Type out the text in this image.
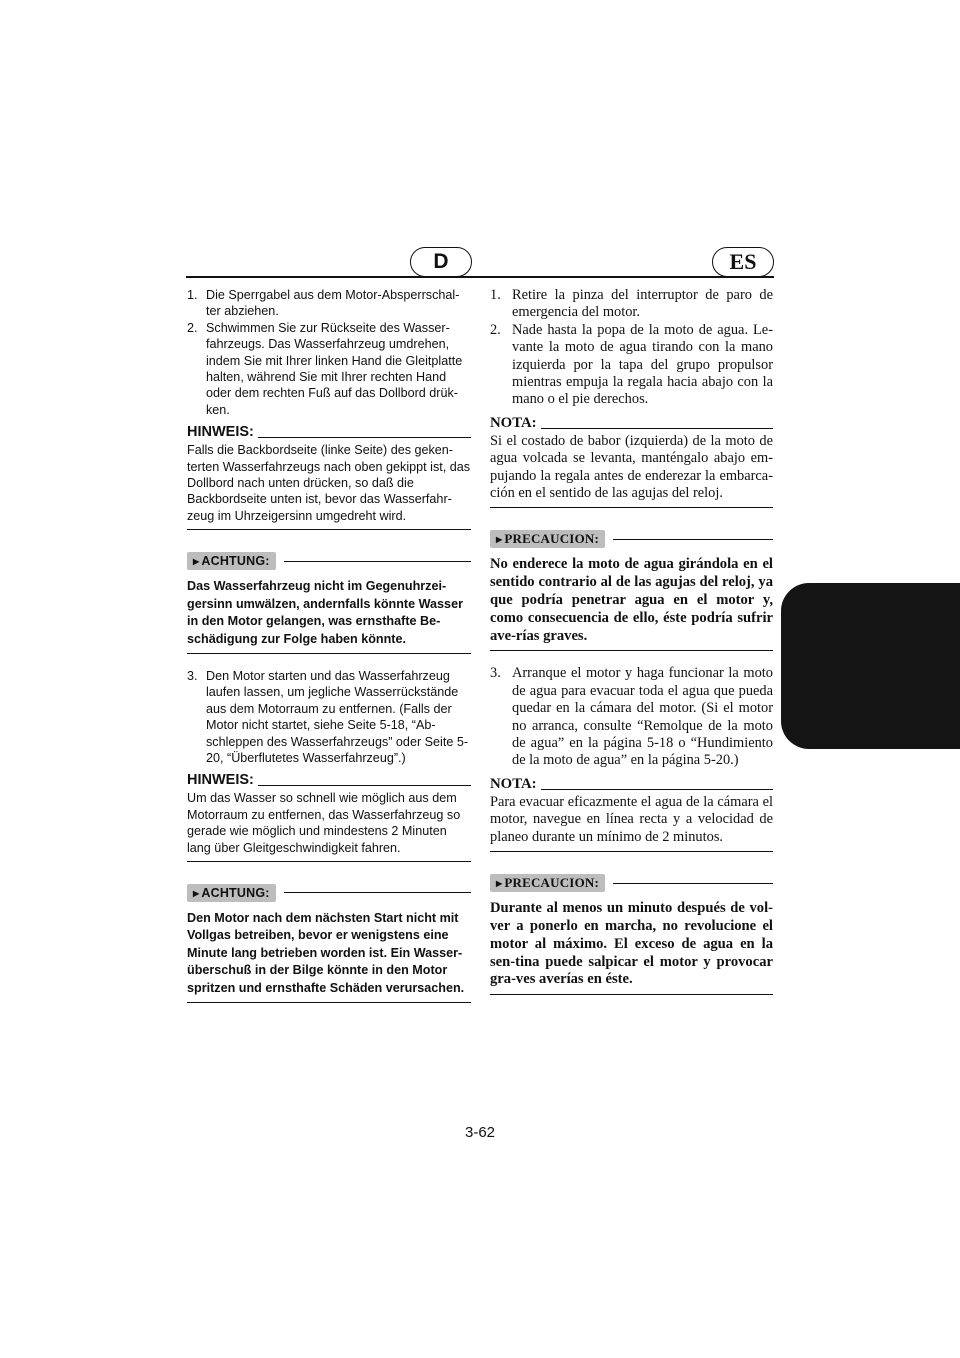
D	ES
1. Die Sperrgabel aus dem Motor-Absperrschal-ter abziehen.
2. Schwimmen Sie zur Rückseite des Wasser-fahrzeugs. Das Wasserfahrzeug umdrehen, indem Sie mit Ihrer linken Hand die Gleitplatte halten, während Sie mit Ihrer rechten Hand oder dem rechten Fuß auf das Dollbord drük-ken.
HINWEIS:
Falls die Backbordseite (linke Seite) des geken-terten Wasserfahrzeugs nach oben gekippt ist, das Dollbord nach unten drücken, so daß die Backbordseite unten ist, bevor das Wasserfahr-zeug im Uhrzeigersinn umgedreht wird.
▶ ACHTUNG:
Das Wasserfahrzeug nicht im Gegenuhrzei-gersinn umwälzen, andernfalls könnte Wasser in den Motor gelangen, was ernsthafte Be-schädigung zur Folge haben könnte.
3. Den Motor starten und das Wasserfahrzeug laufen lassen, um jegliche Wasserrückstände aus dem Motorraum zu entfernen. (Falls der Motor nicht startet, siehe Seite 5-18, “Ab-schleppen des Wasserfahrzeugs” oder Seite 5-20, “Überflutetes Wasserfahrzeug”.)
HINWEIS:
Um das Wasser so schnell wie möglich aus dem Motorraum zu entfernen, das Wasserfahrzeug so gerade wie möglich und mindestens 2 Minuten lang über Gleitgeschwindigkeit fahren.
▶ ACHTUNG:
Den Motor nach dem nächsten Start nicht mit Vollgas betreiben, bevor er wenigstens eine Minute lang betrieben worden ist. Ein Wasser-überschuß in der Bilge könnte in den Motor spritzen und ernsthafte Schäden verursachen.
1. Retire la pinza del interruptor de paro de emergencia del motor.
2. Nade hasta la popa de la moto de agua. Le-vante la moto de agua tirando con la mano izquierda por la tapa del grupo propulsor mientras empuja la regala hacia abajo con la mano o el pie derechos.
NOTA:
Si el costado de babor (izquierda) de la moto de agua volcada se levanta, manténgalo abajo em-pujando la regala antes de enderezar la embarca-ción en el sentido de las agujas del reloj.
▶ PRECAUCION:
No enderece la moto de agua girándola en el sentido contrario al de las agujas del reloj, ya que podría penetrar agua en el motor y, como consecuencia de ello, éste podría sufrir ave-rías graves.
3. Arranque el motor y haga funcionar la moto de agua para evacuar toda el agua que pueda quedar en la cámara del motor. (Si el motor no arranca, consulte “Remolque de la moto de agua” en la página 5-18 o “Hundimiento de la moto de agua” en la página 5-20.)
NOTA:
Para evacuar eficazmente el agua de la cámara el motor, navegue en línea recta y a velocidad de planeo durante un mínimo de 2 minutos.
▶ PRECAUCION:
Durante al menos un minuto después de vol-ver a ponerlo en marcha, no revolucione el motor al máximo. El exceso de agua en la sen-tina puede salpicar el motor y provocar gra-ves averías en éste.
3-62
